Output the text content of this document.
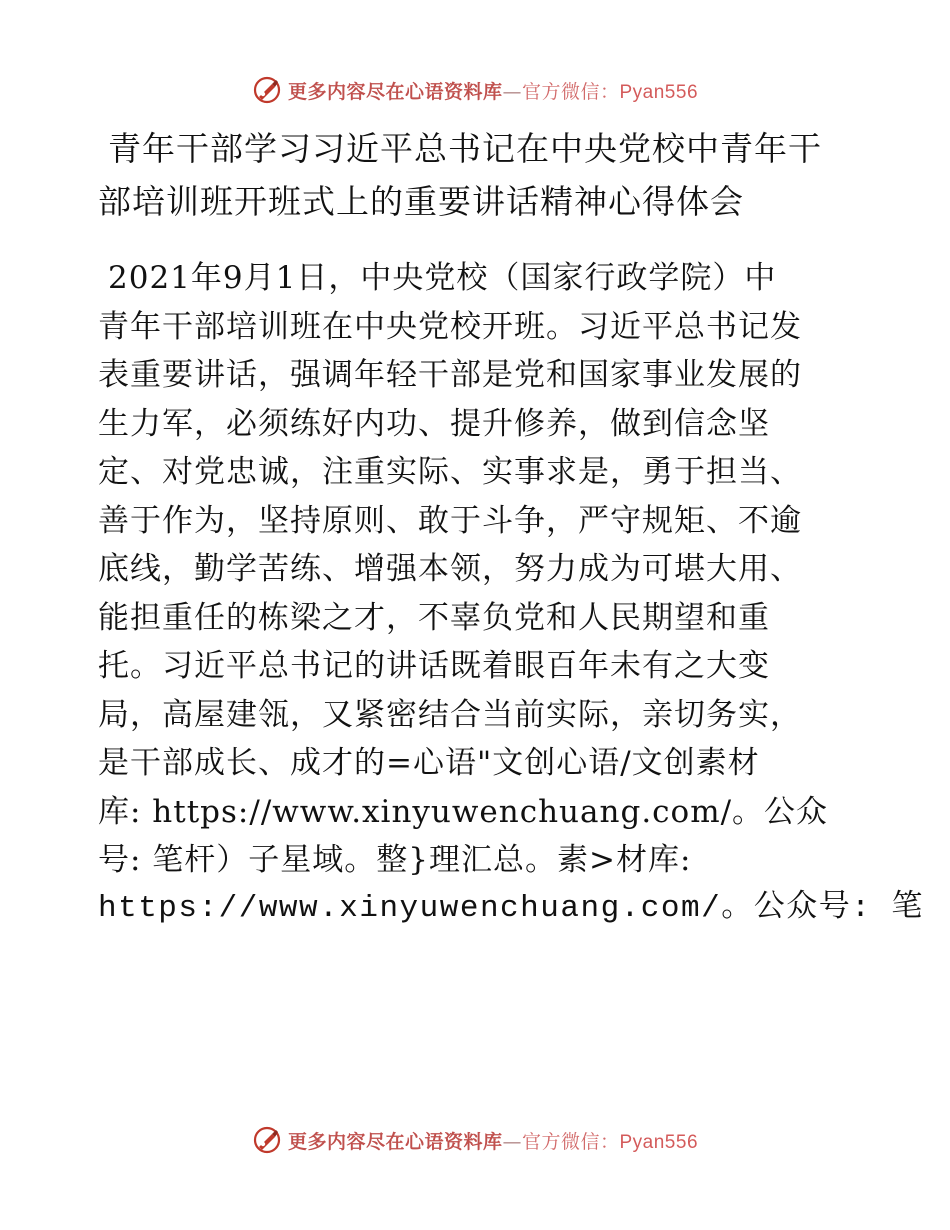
更多内容尽在心语资料库—官方微信：Pyan556
青年干部学习习近平总书记在中央党校中青年干
部培训班开班式上的重要讲话精神心得体会
2021年9月1日，中央党校（国家行政学院）中
青年干部培训班在中央党校开班。习近平总书记发
表重要讲话，强调年轻干部是党和国家事业发展的
生力军，必须练好内功、提升修养，做到信念坚
定、对党忠诚，注重实际、实事求是，勇于担当、
善于作为，坚持原则、敢于斗争，严守规矩、不逾
底线，勤学苦练、增强本领，努力成为可堪大用、
能担重任的栋梁之才，不辜负党和人民期望和重
托。习近平总书记的讲话既着眼百年未有之大变
局，高屋建瓴，又紧密结合当前实际，亲切务实，
是干部成长、成才的=心语"文创心语/文创素材
库: https://www.xinyuwenchuang.com/。公众
号: 笔杆）子星域。整}理汇总。素>材库:
https://www.xinyuwenchuang.com/。公众号: 笔
更多内容尽在心语资料库—官方微信：Pyan556
